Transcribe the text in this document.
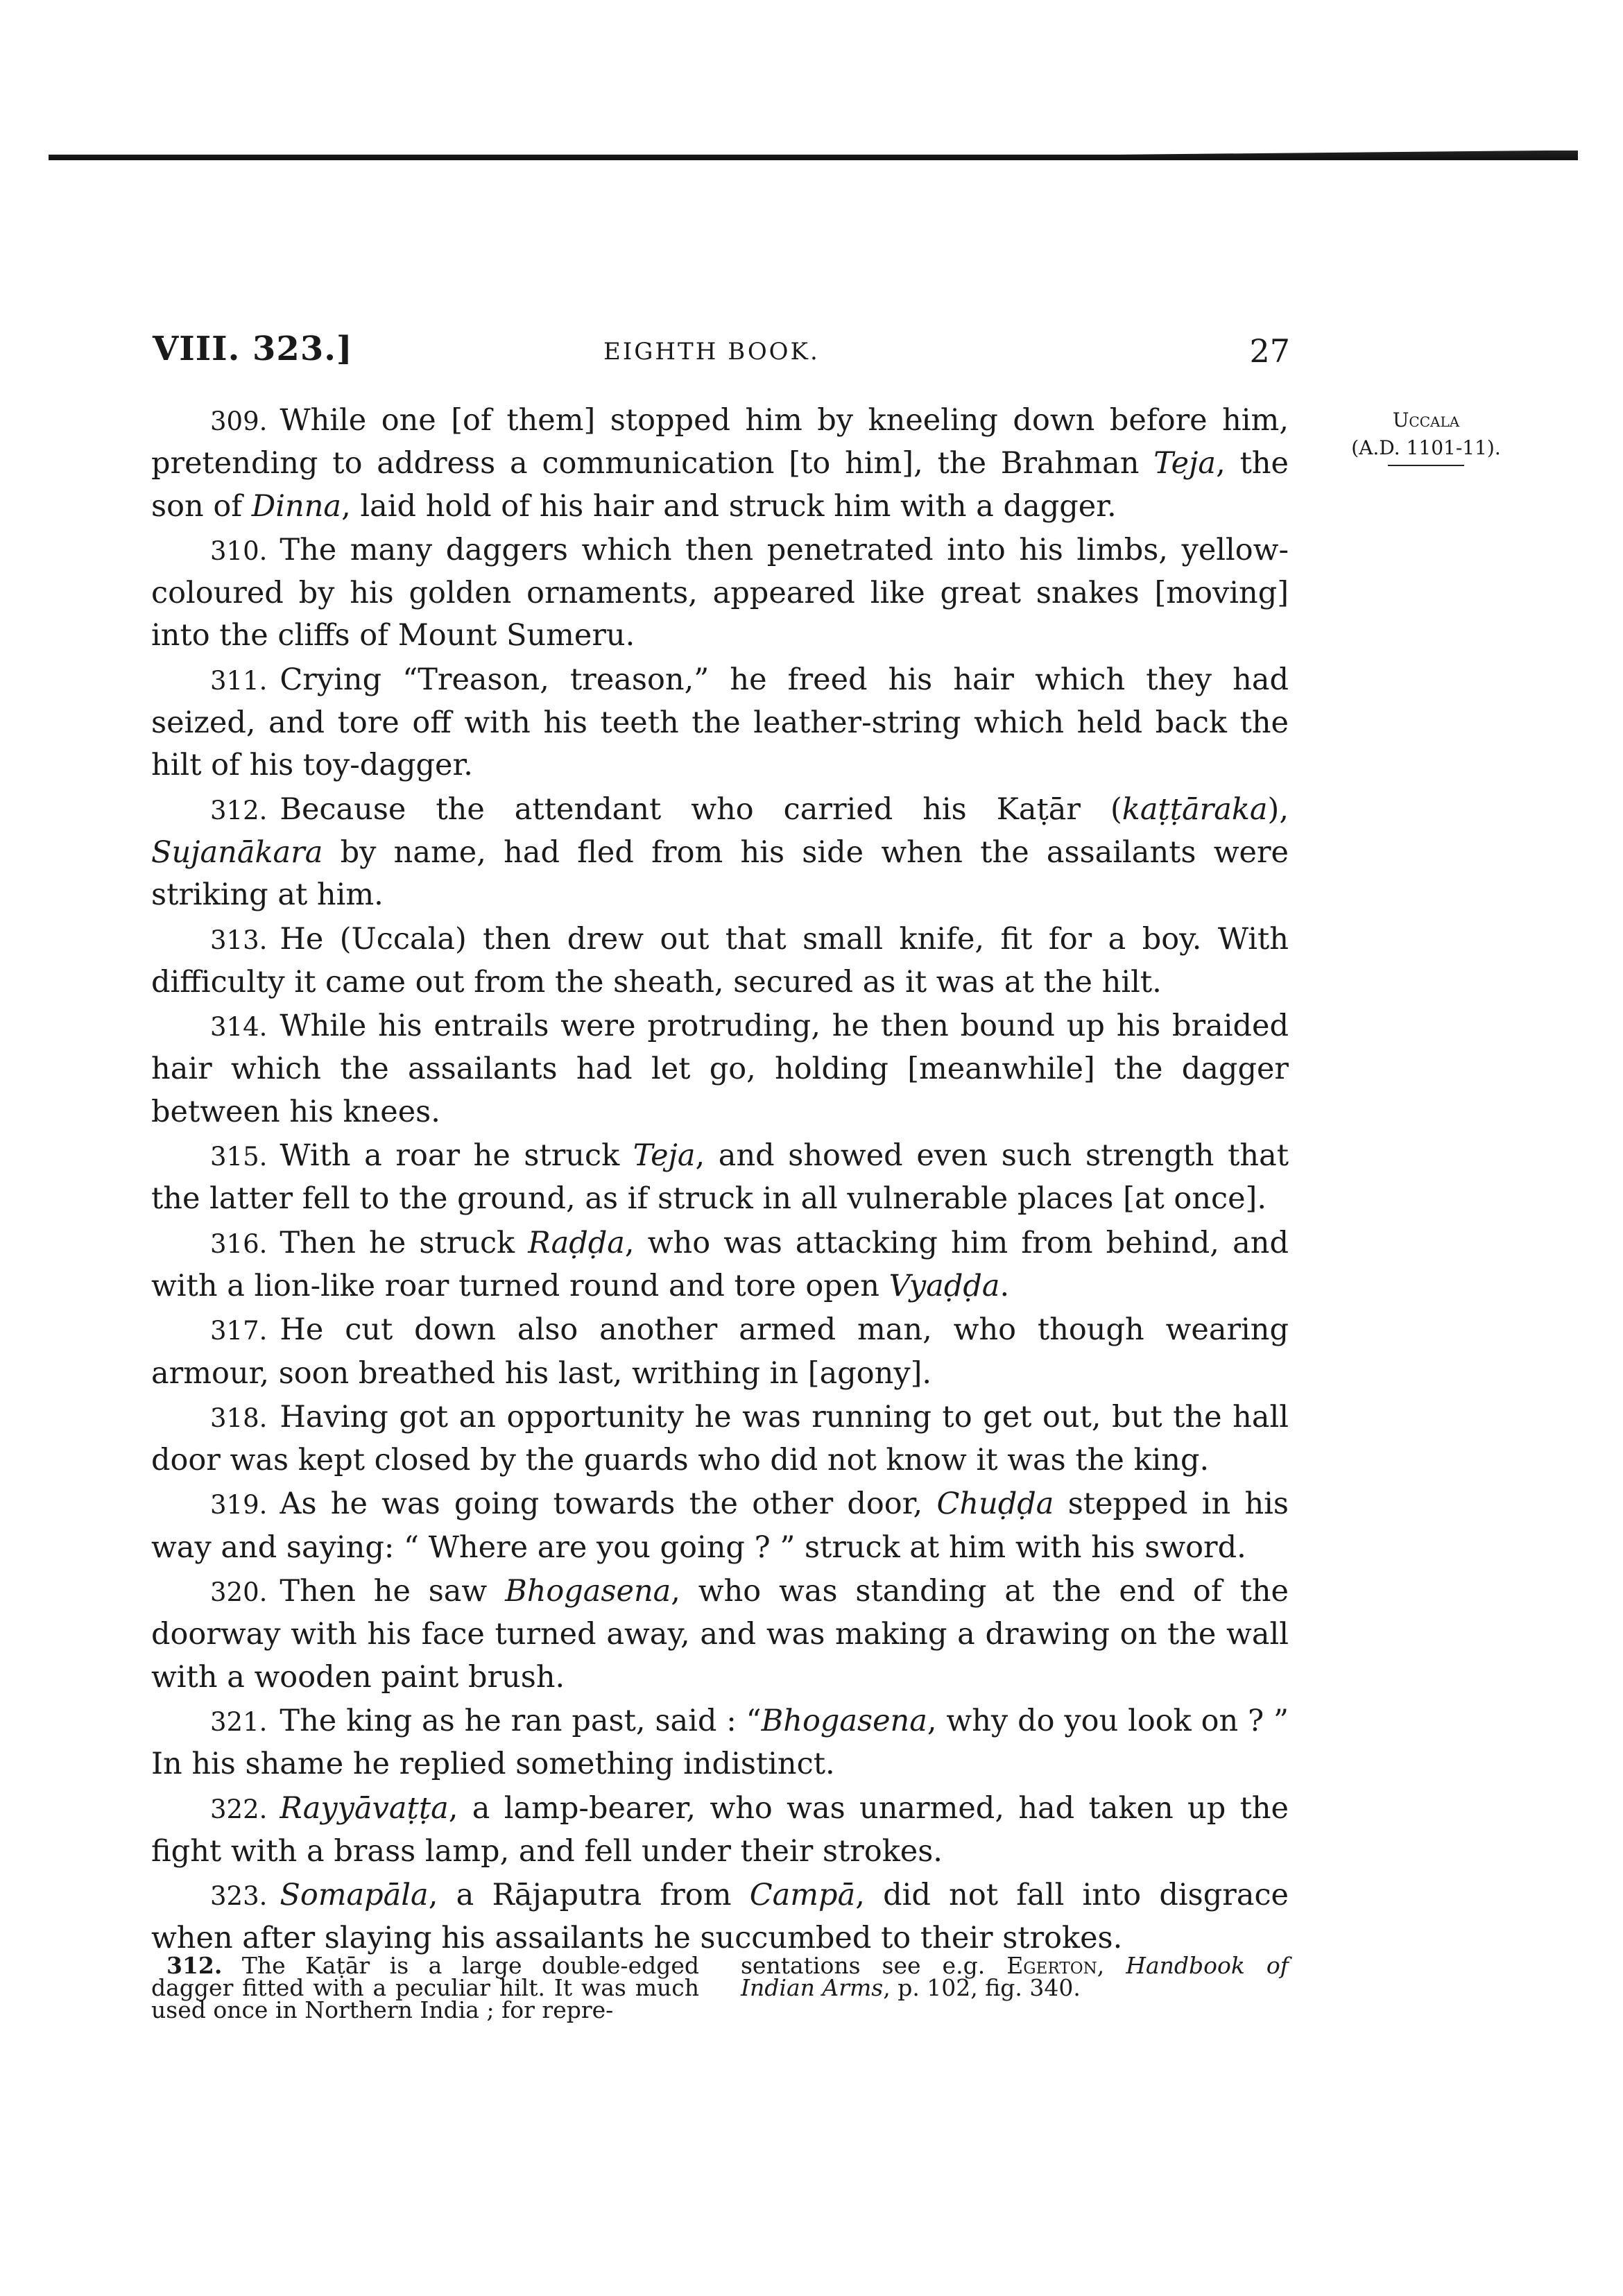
VIII. 323.]	EIGHTH BOOK.	27
Uccala
(A.D. 1101-11).

309. While one [of them] stopped him by kneeling down before him, pretending to address a communication [to him], the Brahman Teja, the son of Dinna, laid hold of his hair and struck him with a dagger.

310. The many daggers which then penetrated into his limbs, yellow-coloured by his golden ornaments, appeared like great snakes [moving] into the cliffs of Mount Sumeru.

311. Crying “Treason, treason,” he freed his hair which they had seized, and tore off with his teeth the leather-string which held back the hilt of his toy-dagger.

312. Because the attendant who carried his Kaṭār (kaṭṭāraka), Sujanākara by name, had fled from his side when the assailants were striking at him.

313. He (Uccala) then drew out that small knife, fit for a boy. With difficulty it came out from the sheath, secured as it was at the hilt.

314. While his entrails were protruding, he then bound up his braided hair which the assailants had let go, holding [meanwhile] the dagger between his knees.

315. With a roar he struck Teja, and showed even such strength that the latter fell to the ground, as if struck in all vulnerable places [at once].

316. Then he struck Raḍḍa, who was attacking him from behind, and with a lion-like roar turned round and tore open Vyaḍḍa.

317. He cut down also another armed man, who though wearing armour, soon breathed his last, writhing in [agony].

318. Having got an opportunity he was running to get out, but the hall door was kept closed by the guards who did not know it was the king.

319. As he was going towards the other door, Chuḍḍa stepped in his way and saying: “ Where are you going ? ” struck at him with his sword.

320. Then he saw Bhogasena, who was standing at the end of the doorway with his face turned away, and was making a drawing on the wall with a wooden paint brush.

321. The king as he ran past, said : “Bhogasena, why do you look on ? ” In his shame he replied something indistinct.

322. Rayyāvaṭṭa, a lamp-bearer, who was unarmed, had taken up the fight with a brass lamp, and fell under their strokes.

323. Somapāla, a Rājaputra from Campā, did not fall into disgrace when after slaying his assailants he succumbed to their strokes.

312. The Kaṭār is a large double-edged dagger fitted with a peculiar hilt. It was much used once in Northern India ; for repre-
sentations see e.g. Egerton, Handbook of Indian Arms, p. 102, fig. 340.
